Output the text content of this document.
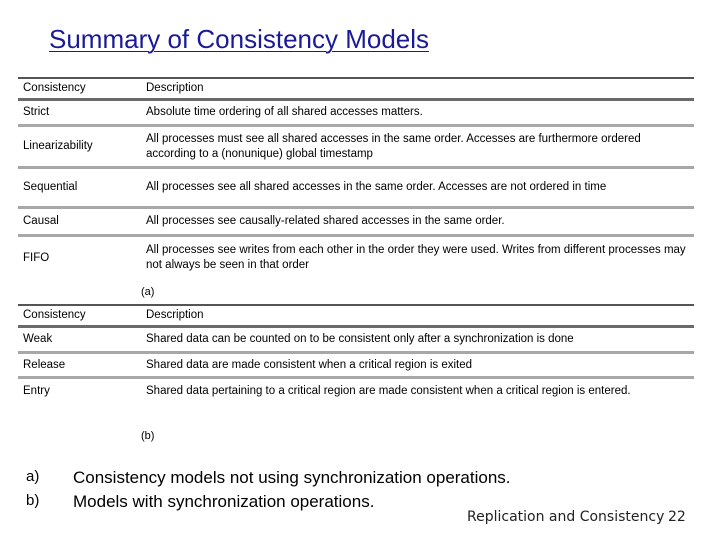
Summary of Consistency Models
Consistency	Description
Strict	Absolute time ordering of all shared accesses matters.
Linearizability	All processes must see all shared accesses in the same order. Accesses are furthermore ordered according to a (nonunique) global timestamp
Sequential	All processes see all shared accesses in the same order. Accesses are not ordered in time
Causal	All processes see causally-related shared accesses in the same order.
FIFO	All processes see writes from each other in the order they were used. Writes from different processes may not always be seen in that order
(a)
Consistency	Description
Weak	Shared data can be counted on to be consistent only after a synchronization is done
Release	Shared data are made consistent when a critical region is exited
Entry	Shared data pertaining to a critical region are made consistent when a critical region is entered.
(b)
a) Consistency models not using synchronization operations.
b) Models with synchronization operations.
Replication and Consistency 22
